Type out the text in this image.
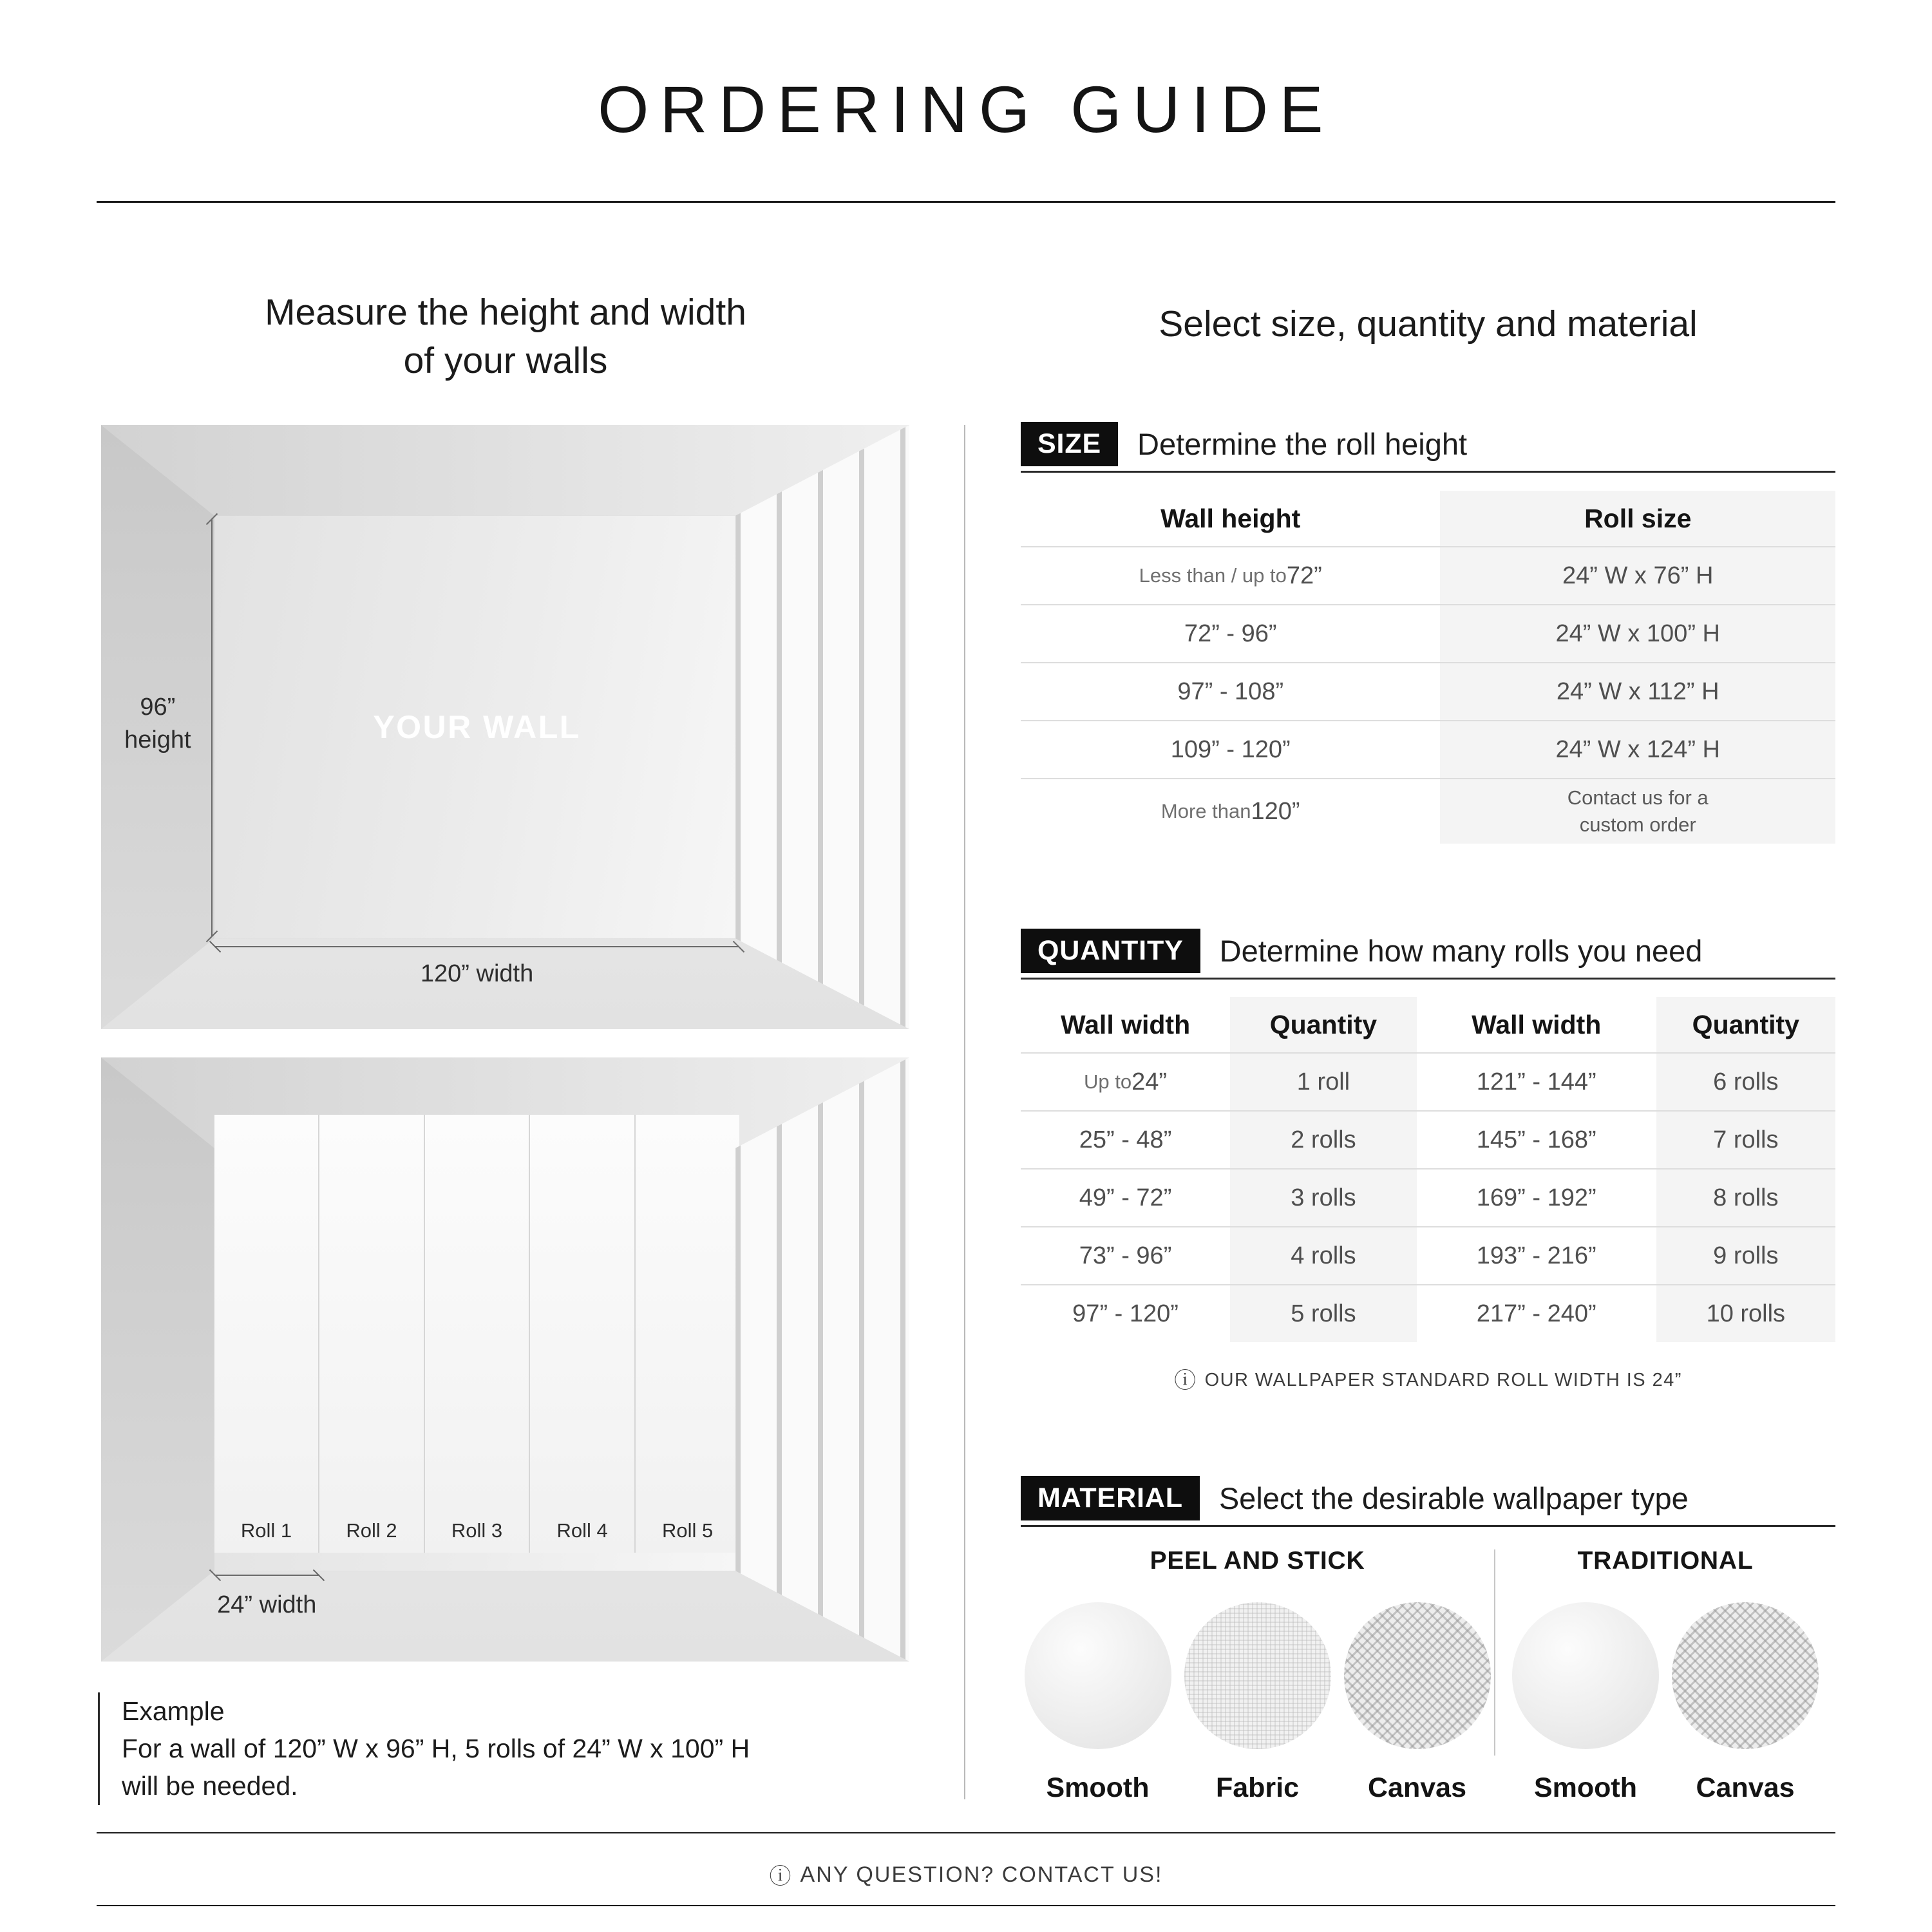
ORDERING GUIDE
Measure the height and width
of your walls
YOUR WALL
96”
height
120” width
Roll 1	Roll 2	Roll 3	Roll 4	Roll 5
24” width
Example
For a wall of 120” W x 96” H, 5 rolls of 24” W x 100” H
will be needed.
Select size, quantity and material
SIZE	Determine the roll height
Wall height	Roll size
Less than / up to 72”	24” W x 76” H
72” - 96”	24” W x 100” H
97” - 108”	24” W x 112” H
109” - 120”	24” W x 124” H
More than 120”	Contact us for a
custom order
QUANTITY	Determine how many rolls you need
Wall width	Quantity	Wall width	Quantity
Up to 24”	1 roll	121” - 144”	6 rolls
25” - 48”	2 rolls	145” - 168”	7 rolls
49” - 72”	3 rolls	169” - 192”	8 rolls
73” - 96”	4 rolls	193” - 216”	9 rolls
97” - 120”	5 rolls	217” - 240”	10 rolls
ⓘ OUR WALLPAPER STANDARD ROLL WIDTH IS 24”
MATERIAL	Select the desirable wallpaper type
PEEL AND STICK
Smooth Fabric Canvas
TRADITIONAL
Smooth Canvas
ⓘ ANY QUESTION? CONTACT US!
